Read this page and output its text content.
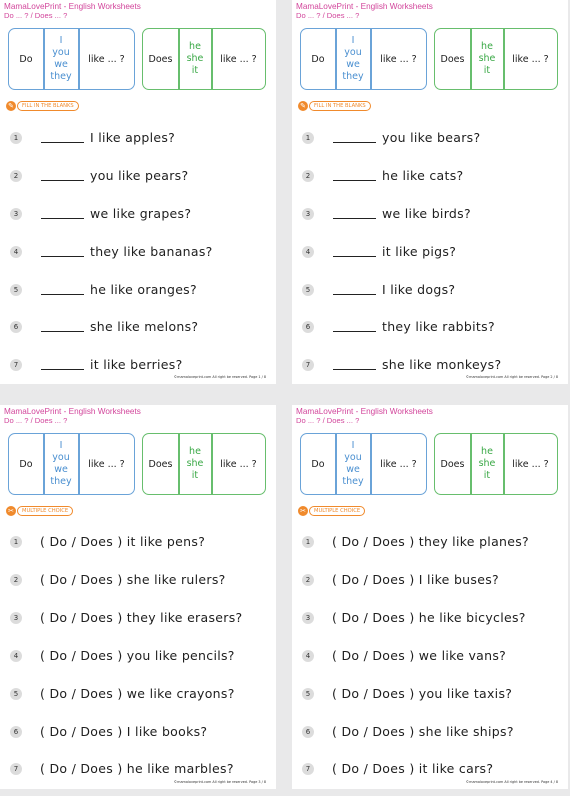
MamaLovePrint - English Worksheets
Do ... ? / Does ... ?
Do
I
you
we
they
like ... ?	Does
he
she
it
like ... ?
✎	FILL IN THE BLANKS
1	I like apples?
2	you like pears?
3	we like grapes?
4	they like bananas?
5	he like oranges?
6	she like melons?
7	it like berries?
©mamaloveprint.com All right be reserved. Page 1 / 8
MamaLovePrint - English Worksheets
Do ... ? / Does ... ?
Do
I
you
we
they
like ... ?	Does
he
she
it
like ... ?
✎	FILL IN THE BLANKS
1	you like bears?
2	he like cats?
3	we like birds?
4	it like pigs?
5	I like dogs?
6	they like rabbits?
7	she like monkeys?
©mamaloveprint.com All right be reserved. Page 2 / 8
MamaLovePrint - English Worksheets
Do ... ? / Does ... ?
Do
I
you
we
they
like ... ?	Does
he
she
it
like ... ?
✂	MULTIPLE CHOICE
1	( Do / Does ) it like pens?
2	( Do / Does ) she like rulers?
3	( Do / Does ) they like erasers?
4	( Do / Does ) you like pencils?
5	( Do / Does ) we like crayons?
6	( Do / Does ) I like books?
7	( Do / Does ) he like marbles?
©mamaloveprint.com All right be reserved. Page 3 / 8
MamaLovePrint - English Worksheets
Do ... ? / Does ... ?
Do
I
you
we
they
like ... ?	Does
he
she
it
like ... ?
✂	MULTIPLE CHOICE
1	( Do / Does ) they like planes?
2	( Do / Does ) I like buses?
3	( Do / Does ) he like bicycles?
4	( Do / Does ) we like vans?
5	( Do / Does ) you like taxis?
6	( Do / Does ) she like ships?
7	( Do / Does ) it like cars?
©mamaloveprint.com All right be reserved. Page 4 / 8
